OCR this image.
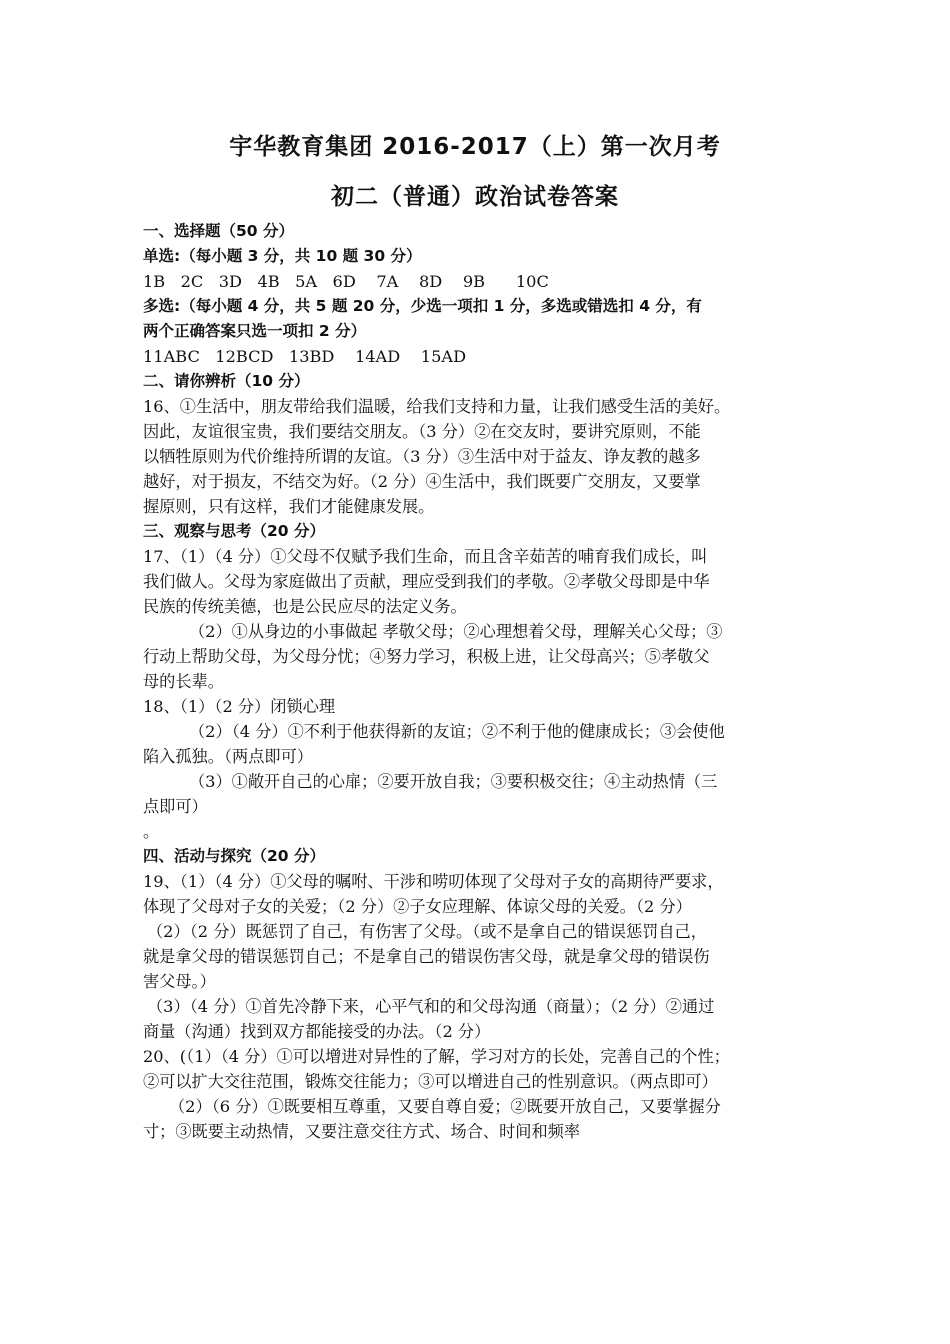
宇华教育集团 2016-2017（上）第一次月考
初二（普通）政治试卷答案
一、选择题（50 分）
单选:（每小题 3 分，共 10 题 30 分）
1B   2C   3D   4B   5A   6D    7A    8D    9B      10C
多选:（每小题 4 分，共 5 题 20 分，少选一项扣 1 分，多选或错选扣 4 分，有
两个正确答案只选一项扣 2 分）
11ABC   12BCD   13BD    14AD    15AD
二、请你辨析（10 分）
16、①生活中，朋友带给我们温暖，给我们支持和力量，让我们感受生活的美好。
因此，友谊很宝贵，我们要结交朋友。（3 分）②在交友时，要讲究原则，不能
以牺牲原则为代价维持所谓的友谊。（3 分）③生活中对于益友、诤友教的越多
越好，对于损友，不结交为好。（2 分）④生活中，我们既要广交朋友，又要掌
握原则，只有这样，我们才能健康发展。
三、观察与思考（20 分）
17、（1）（4 分）①父母不仅赋予我们生命，而且含辛茹苦的哺育我们成长，叫
我们做人。父母为家庭做出了贡献，理应受到我们的孝敬。②孝敬父母即是中华
民族的传统美德，也是公民应尽的法定义务。
（2）①从身边的小事做起 孝敬父母；②心理想着父母，理解关心父母；③
行动上帮助父母，为父母分忧；④努力学习，积极上进，让父母高兴；⑤孝敬父
母的长辈。
18、（1）（2 分）闭锁心理
（2）（4 分）①不利于他获得新的友谊；②不利于他的健康成长；③会使他
陷入孤独。（两点即可）
（3）①敞开自己的心扉；②要开放自我；③要积极交往；④主动热情（三
点即可）
。
四、活动与探究（20 分）
19、（1）（4 分）①父母的嘱咐、干涉和唠叨体现了父母对子女的高期待严要求，
体现了父母对子女的关爱；（2 分）②子女应理解、体谅父母的关爱。（2 分）
（2）（2 分）既惩罚了自己，有伤害了父母。（或不是拿自己的错误惩罚自己，
就是拿父母的错误惩罚自己；不是拿自己的错误伤害父母，就是拿父母的错误伤
害父母。）
（3）（4 分）①首先冷静下来，心平气和的和父母沟通（商量）；（2 分）②通过
商量（沟通）找到双方都能接受的办法。（2 分）
20、(（1）（4 分）①可以增进对异性的了解，学习对方的长处，完善自己的个性；
②可以扩大交往范围，锻炼交往能力；③可以增进自己的性别意识。（两点即可）
（2）（6 分）①既要相互尊重，又要自尊自爱；②既要开放自己，又要掌握分
寸；③既要主动热情，又要注意交往方式、场合、时间和频率
